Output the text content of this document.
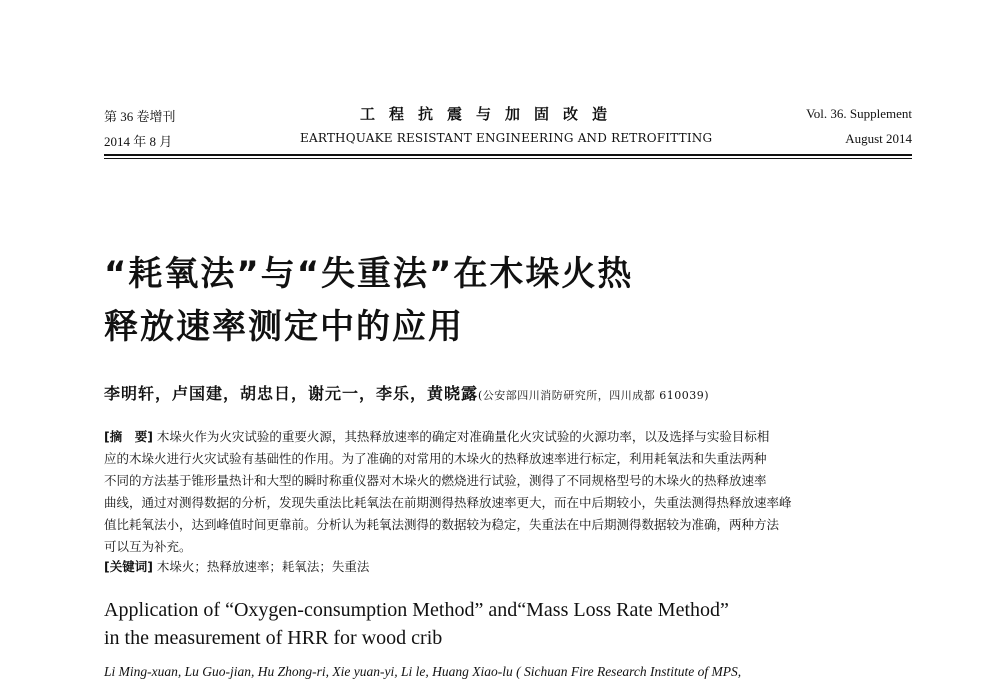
第 36 卷增刊
2014 年 8 月
工程抗震与加固改造
EARTHQUAKE RESISTANT ENGINEERING AND RETROFITTING
Vol. 36. Supplement
August 2014
“耗氧法”与“失重法”在木垛火热
释放速率测定中的应用
李明轩，卢国建，胡忠日，谢元一，李乐，黄晓露(公安部四川消防研究所，四川成都 610039)
[摘　要] 木垛火作为火灾试验的重要火源，其热释放速率的确定对准确量化火灾试验的火源功率，以及选择与实验目标相
应的木垛火进行火灾试验有基础性的作用。为了准确的对常用的木垛火的热释放速率进行标定，利用耗氧法和失重法两种
不同的方法基于锥形量热计和大型的瞬时称重仪器对木垛火的燃烧进行试验，测得了不同规格型号的木垛火的热释放速率
曲线，通过对测得数据的分析，发现失重法比耗氧法在前期测得热释放速率更大，而在中后期较小，失重法测得热释放速率峰
值比耗氧法小，达到峰值时间更靠前。分析认为耗氧法测得的数据较为稳定，失重法在中后期测得数据较为准确，两种方法
可以互为补充。
[关键词] 木垛火；热释放速率；耗氧法；失重法
Application of “Oxygen-consumption Method” and“Mass Loss Rate Method”
in the measurement of HRR for wood crib
Li Ming-xuan, Lu Guo-jian, Hu Zhong-ri, Xie yuan-yi, Li le, Huang Xiao-lu ( Sichuan Fire Research Institute of MPS,
